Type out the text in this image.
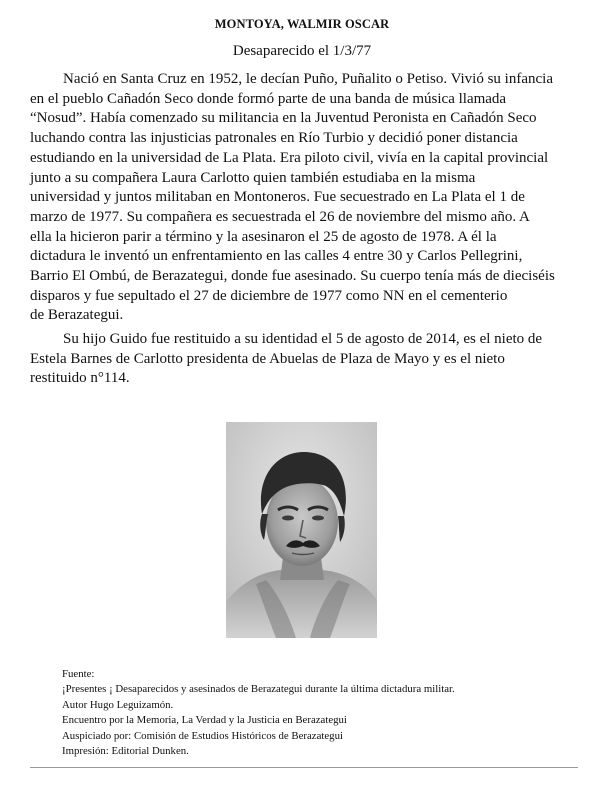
MONTOYA, WALMIR OSCAR
Desaparecido el 1/3/77

Nació en Santa Cruz en 1952, le decían Puño, Puñalito o Petiso. Vivió su infancia
en el pueblo Cañadón Seco donde formó parte de una banda de música llamada
“Nosud”. Había comenzado su militancia en la Juventud Peronista en Cañadón Seco
luchando contra las injusticias patronales en Río Turbio y decidió poner distancia
estudiando en la universidad de La Plata. Era piloto civil, vivía en la capital provincial
junto a su compañera Laura Carlotto quien también estudiaba en la misma
universidad y juntos militaban en Montoneros. Fue secuestrado en La Plata el 1 de
marzo de 1977. Su compañera es secuestrada el 26 de noviembre del mismo año. A
ella la hicieron parir a término y la asesinaron el 25 de agosto de 1978. A él la
dictadura le inventó un enfrentamiento en las calles 4 entre 30 y Carlos Pellegrini,
Barrio El Ombú, de Berazategui, donde fue asesinado. Su cuerpo tenía más de dieciséis
disparos y fue sepultado el 27 de diciembre de 1977 como NN en el cementerio
de Berazategui.

Su hijo Guido fue restituido a su identidad el 5 de agosto de 2014, es el nieto de
Estela Barnes de Carlotto presidenta de Abuelas de Plaza de Mayo y es el nieto
restituido n°114.

Fuente:
¡Presentes ¡ Desaparecidos y asesinados de Berazategui durante la última dictadura militar.
Autor Hugo Leguizamón.
Encuentro por la Memoria, La Verdad y la Justicia en Berazategui
Auspiciado por: Comisión de Estudios Históricos de Berazategui
Impresión: Editorial Dunken.
